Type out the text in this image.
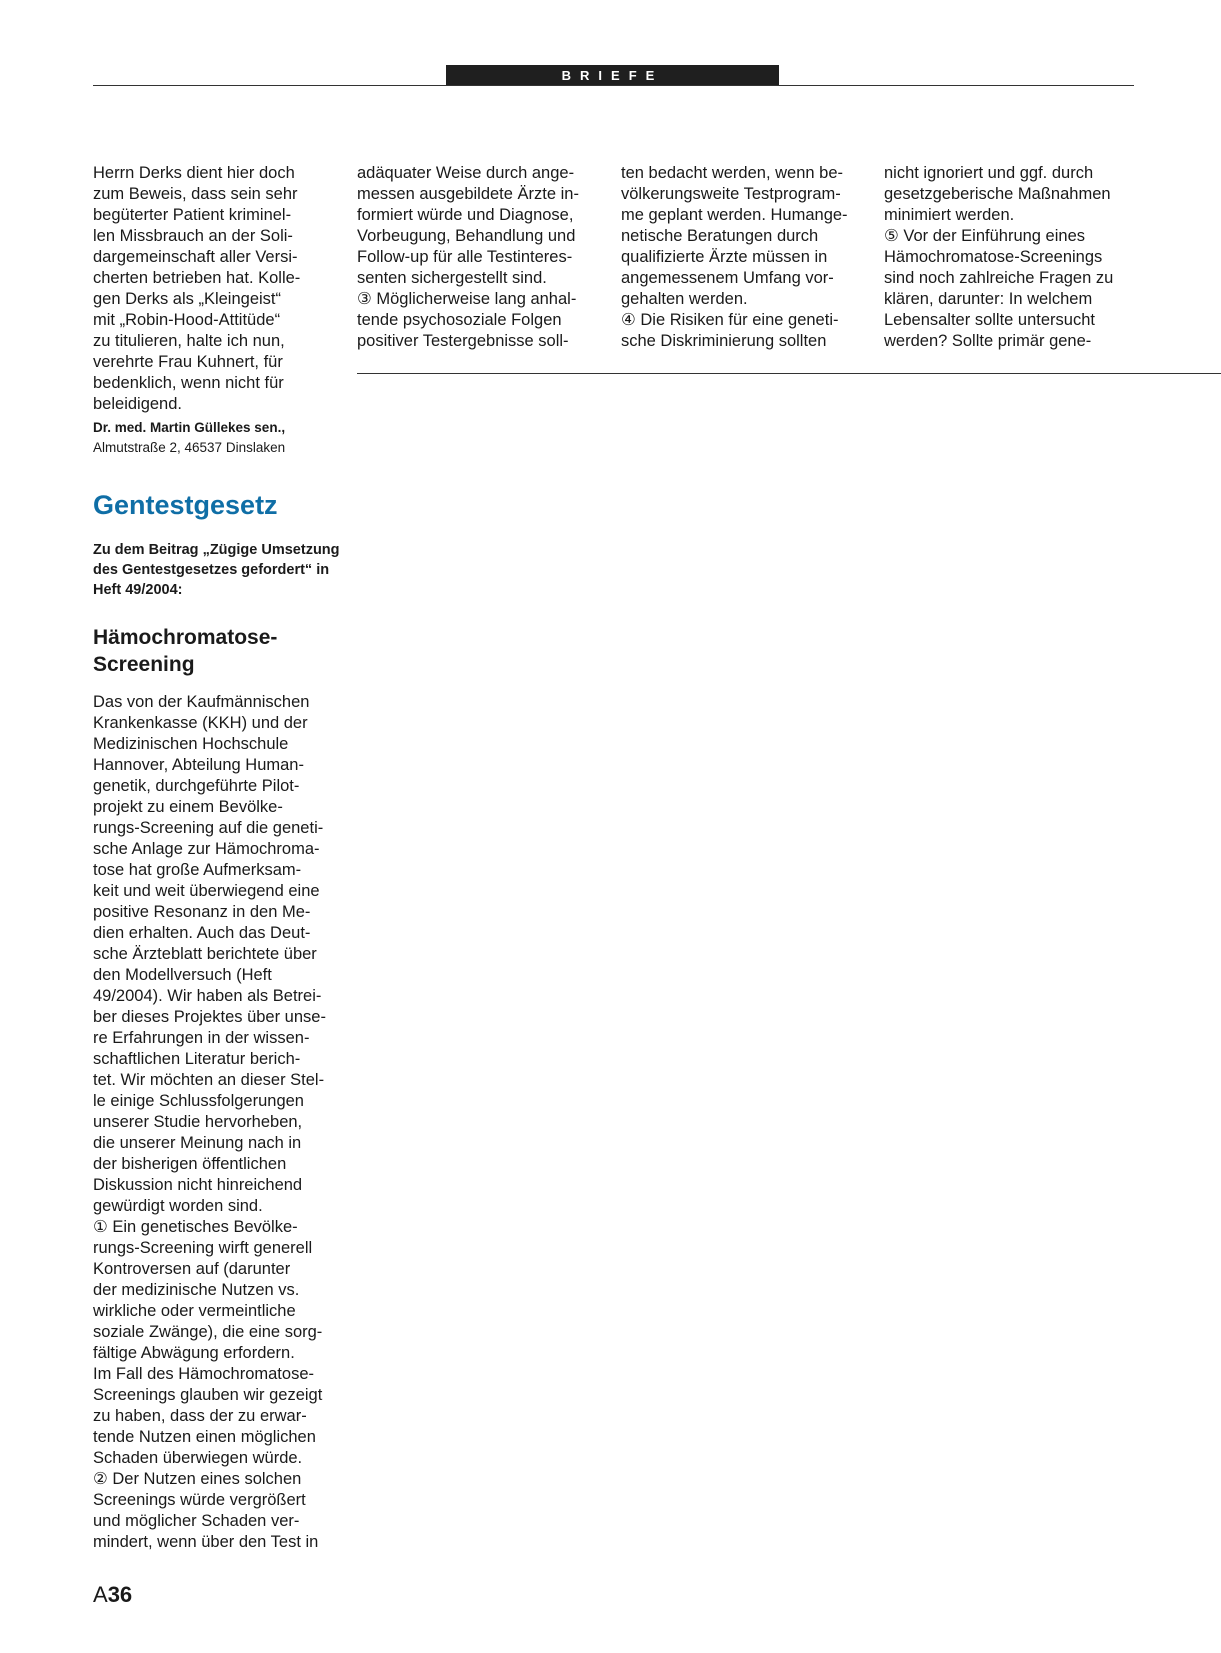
BRIEFE
Herrn Derks dient hier doch
zum Beweis, dass sein sehr
begüterter Patient kriminel-
len Missbrauch an der Soli-
dargemeinschaft aller Versi-
cherten betrieben hat. Kolle-
gen Derks als „Kleingeist“
mit „Robin-Hood-Attitüde“
zu titulieren, halte ich nun,
verehrte Frau Kuhnert, für
bedenklich, wenn nicht für
beleidigend.
adäquater Weise durch ange-
messen ausgebildete Ärzte in-
formiert würde und Diagnose,
Vorbeugung, Behandlung und
Follow-up für alle Testinteres-
senten sichergestellt sind.
③ Möglicherweise lang anhal-
tende psychosoziale Folgen
positiver Testergebnisse soll-
ten bedacht werden, wenn be-
völkerungsweite Testprogram-
me geplant werden. Humange-
netische Beratungen durch
qualifizierte Ärzte müssen in
angemessenem Umfang vor-
gehalten werden.
④ Die Risiken für eine geneti-
sche Diskriminierung sollten
nicht ignoriert und ggf. durch
gesetzgeberische Maßnahmen
minimiert werden.
⑤ Vor der Einführung eines
Hämochromatose-Screenings
sind noch zahlreiche Fragen zu
klären, darunter: In welchem
Lebensalter sollte untersucht
werden? Sollte primär gene-
Dr. med. Martin Güllekes sen.,
Almutstraße 2, 46537 Dinslaken
Gentestgesetz
Zu dem Beitrag „Zügige Umsetzung des Gentestgesetzes gefordert“ in Heft 49/2004:
Hämochromatose-
Screening
Das von der Kaufmännischen
Krankenkasse (KKH) und der
Medizinischen Hochschule
Hannover, Abteilung Human-
genetik, durchgeführte Pilot-
projekt zu einem Bevölke-
rungs-Screening auf die geneti-
sche Anlage zur Hämochroma-
tose hat große Aufmerksam-
keit und weit überwiegend eine
positive Resonanz in den Me-
dien erhalten. Auch das Deut-
sche Ärzteblatt berichtete über
den Modellversuch (Heft
49/2004). Wir haben als Betrei-
ber dieses Projektes über unse-
re Erfahrungen in der wissen-
schaftlichen Literatur berich-
tet. Wir möchten an dieser Stel-
le einige Schlussfolgerungen
unserer Studie hervorheben,
die unserer Meinung nach in
der bisherigen öffentlichen
Diskussion nicht hinreichend
gewürdigt worden sind.
① Ein genetisches Bevölke-
rungs-Screening wirft generell
Kontroversen auf (darunter
der medizinische Nutzen vs.
wirkliche oder vermeintliche
soziale Zwänge), die eine sorg-
fältige Abwägung erfordern.
Im Fall des Hämochromatose-
Screenings glauben wir gezeigt
zu haben, dass der zu erwar-
tende Nutzen einen möglichen
Schaden überwiegen würde.
② Der Nutzen eines solchen
Screenings würde vergrößert
und möglicher Schaden ver-
mindert, wenn über den Test in
A36
